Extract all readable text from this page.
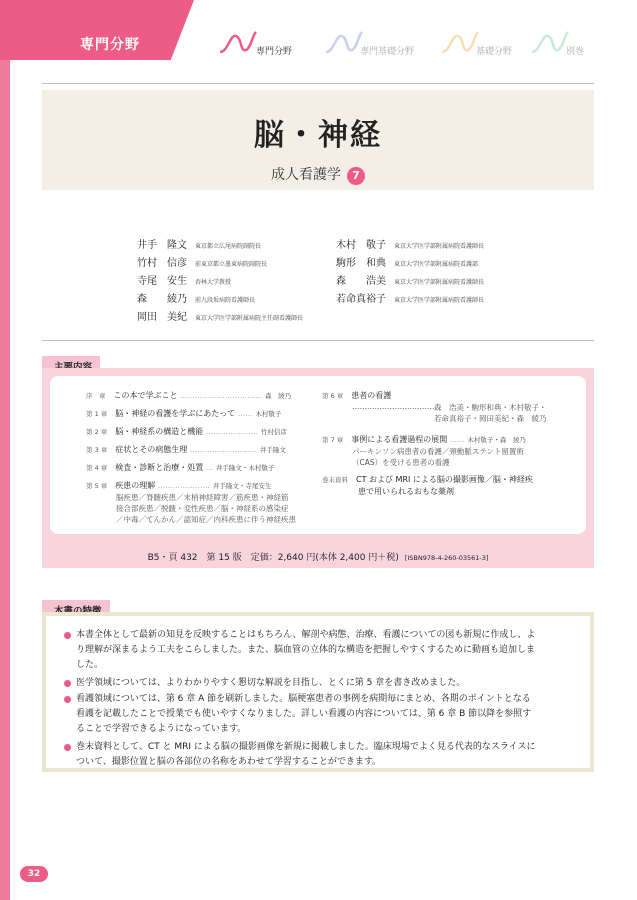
専門分野	専門分野	専門基礎分野	基礎分野	別巻
脳・神経
成人看護学 7
井手　隆文 東京都立広尾病院副院長
竹村　信彦 前東京都立墨東病院副院長
寺尾　安生 杏林大学教授
森　　綾乃 前九段坂病院看護師長
岡田　美紀 東京大学医学部附属病院主任副看護師長
木村　敬子 東京大学医学部附属病院看護師長
駒形　和典 東京大学医学部附属病院看護部
森　　浩美 東京大学医学部附属病院看護師長
若命真裕子 東京大学医学部附属病院看護師長
序　章　 この本で学ぶこと …………………………… 森　綾乃
第 1 章　 脳・神経の看護を学ぶにあたって …… 木村敬子
第 2 章　 脳・神経系の構造と機能 ………………… 竹村信彦
第 3 章　 症状とその病態生理 ……………………… 井手隆文
第 4 章　 検査・診断と治療・処置 … 井手隆文・木村敬子
第 5 章　 疾患の理解 ………………… 井手隆文・寺尾安生
脳疾患／脊髄疾患／末梢神経障害／筋疾患・神経筋
接合部疾患／脱髄・変性疾患／脳・神経系の感染症
／中毒／てんかん／認知症／内科疾患に伴う神経疾患
第 6 章　 患者の看護
…………………………… 森　浩美・駒形和典・木村敬子・
若命真裕子・岡田美紀・森　綾乃
第 7 章　 事例による看護過程の展開 …… 木村敬子・森　綾乃
パーキンソン病患者の看護／頸動脈ステント留置術
（CAS）を受ける患者の看護
巻末資料　 CT および MRI による脳の撮影画像／脳・神経疾
患で用いられるおもな薬剤
B5・頁 432　第 15 版　定価：2,640 円(本体 2,400 円＋税) [ISBN978-4-260-03561-3]
本書全体として最新の知見を反映することはもちろん、解剖や病態、治療、看護についての図も新規に作成し、よ
り理解が深まるよう工夫をこらしました。また、脳血管の立体的な構造を把握しやすくするために動画も追加しま
した。
医学領域については、よりわかりやすく懇切な解説を目指し、とくに第 5 章を書き改めました。
看護領域については、第 6 章 A 節を刷新しました。脳梗塞患者の事例を病期毎にまとめ、各期のポイントとなる
看護を記載したことで授業でも使いやすくなりました。詳しい看護の内容については、第 6 章 B 節以降を参照す
ることで学習できるようになっています。
巻末資料として、CT と MRI による脳の撮影画像を新規に掲載しました。臨床現場でよく見る代表的なスライスに
ついて、撮影位置と脳の各部位の名称をあわせて学習することができます。
32
